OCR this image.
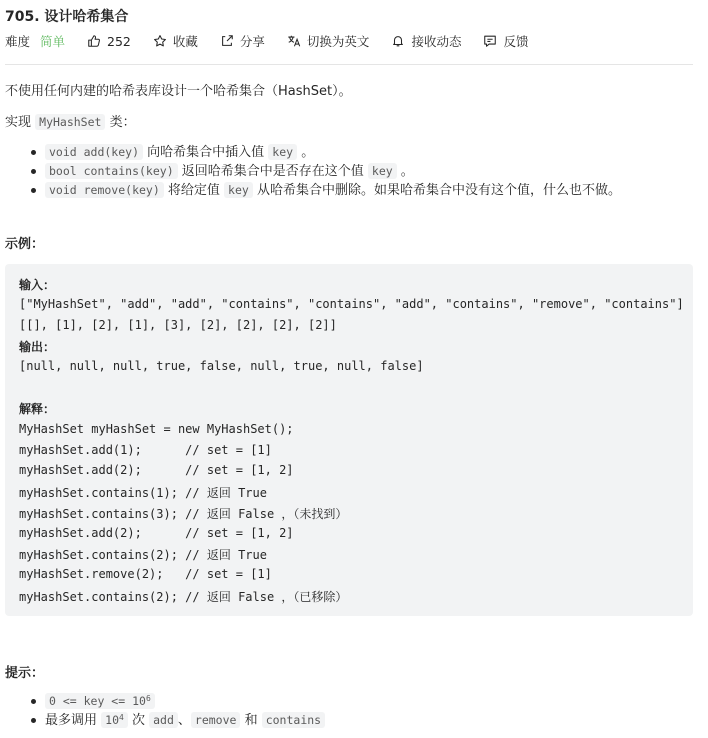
705. 设计哈希集合
难度 简单	252	收藏	分享	切换为英文	接收动态	反馈
不使用任何内建的哈希表库设计一个哈希集合（HashSet）。
实现 MyHashSet 类：
void add(key) 向哈希集合中插入值 key 。
bool contains(key) 返回哈希集合中是否存在这个值 key 。
void remove(key) 将给定值 key 从哈希集合中删除。如果哈希集合中没有这个值，什么也不做。
示例：
输入：
["MyHashSet", "add", "add", "contains", "contains", "add", "contains", "remove", "contains"]
[[], [1], [2], [1], [3], [2], [2], [2], [2]]
输出：
[null, null, null, true, false, null, true, null, false]
解释：
MyHashSet myHashSet = new MyHashSet();
myHashSet.add(1);      // set = [1]
myHashSet.add(2);      // set = [1, 2]
myHashSet.contains(1); // 返回 True
myHashSet.contains(3); // 返回 False ，（未找到）
myHashSet.add(2);      // set = [1, 2]
myHashSet.contains(2); // 返回 True
myHashSet.remove(2);   // set = [1]
myHashSet.contains(2); // 返回 False ，（已移除）
提示：
0 <= key <= $10^6$
最多调用 $10^4$ 次 add 、 remove 和 contains
